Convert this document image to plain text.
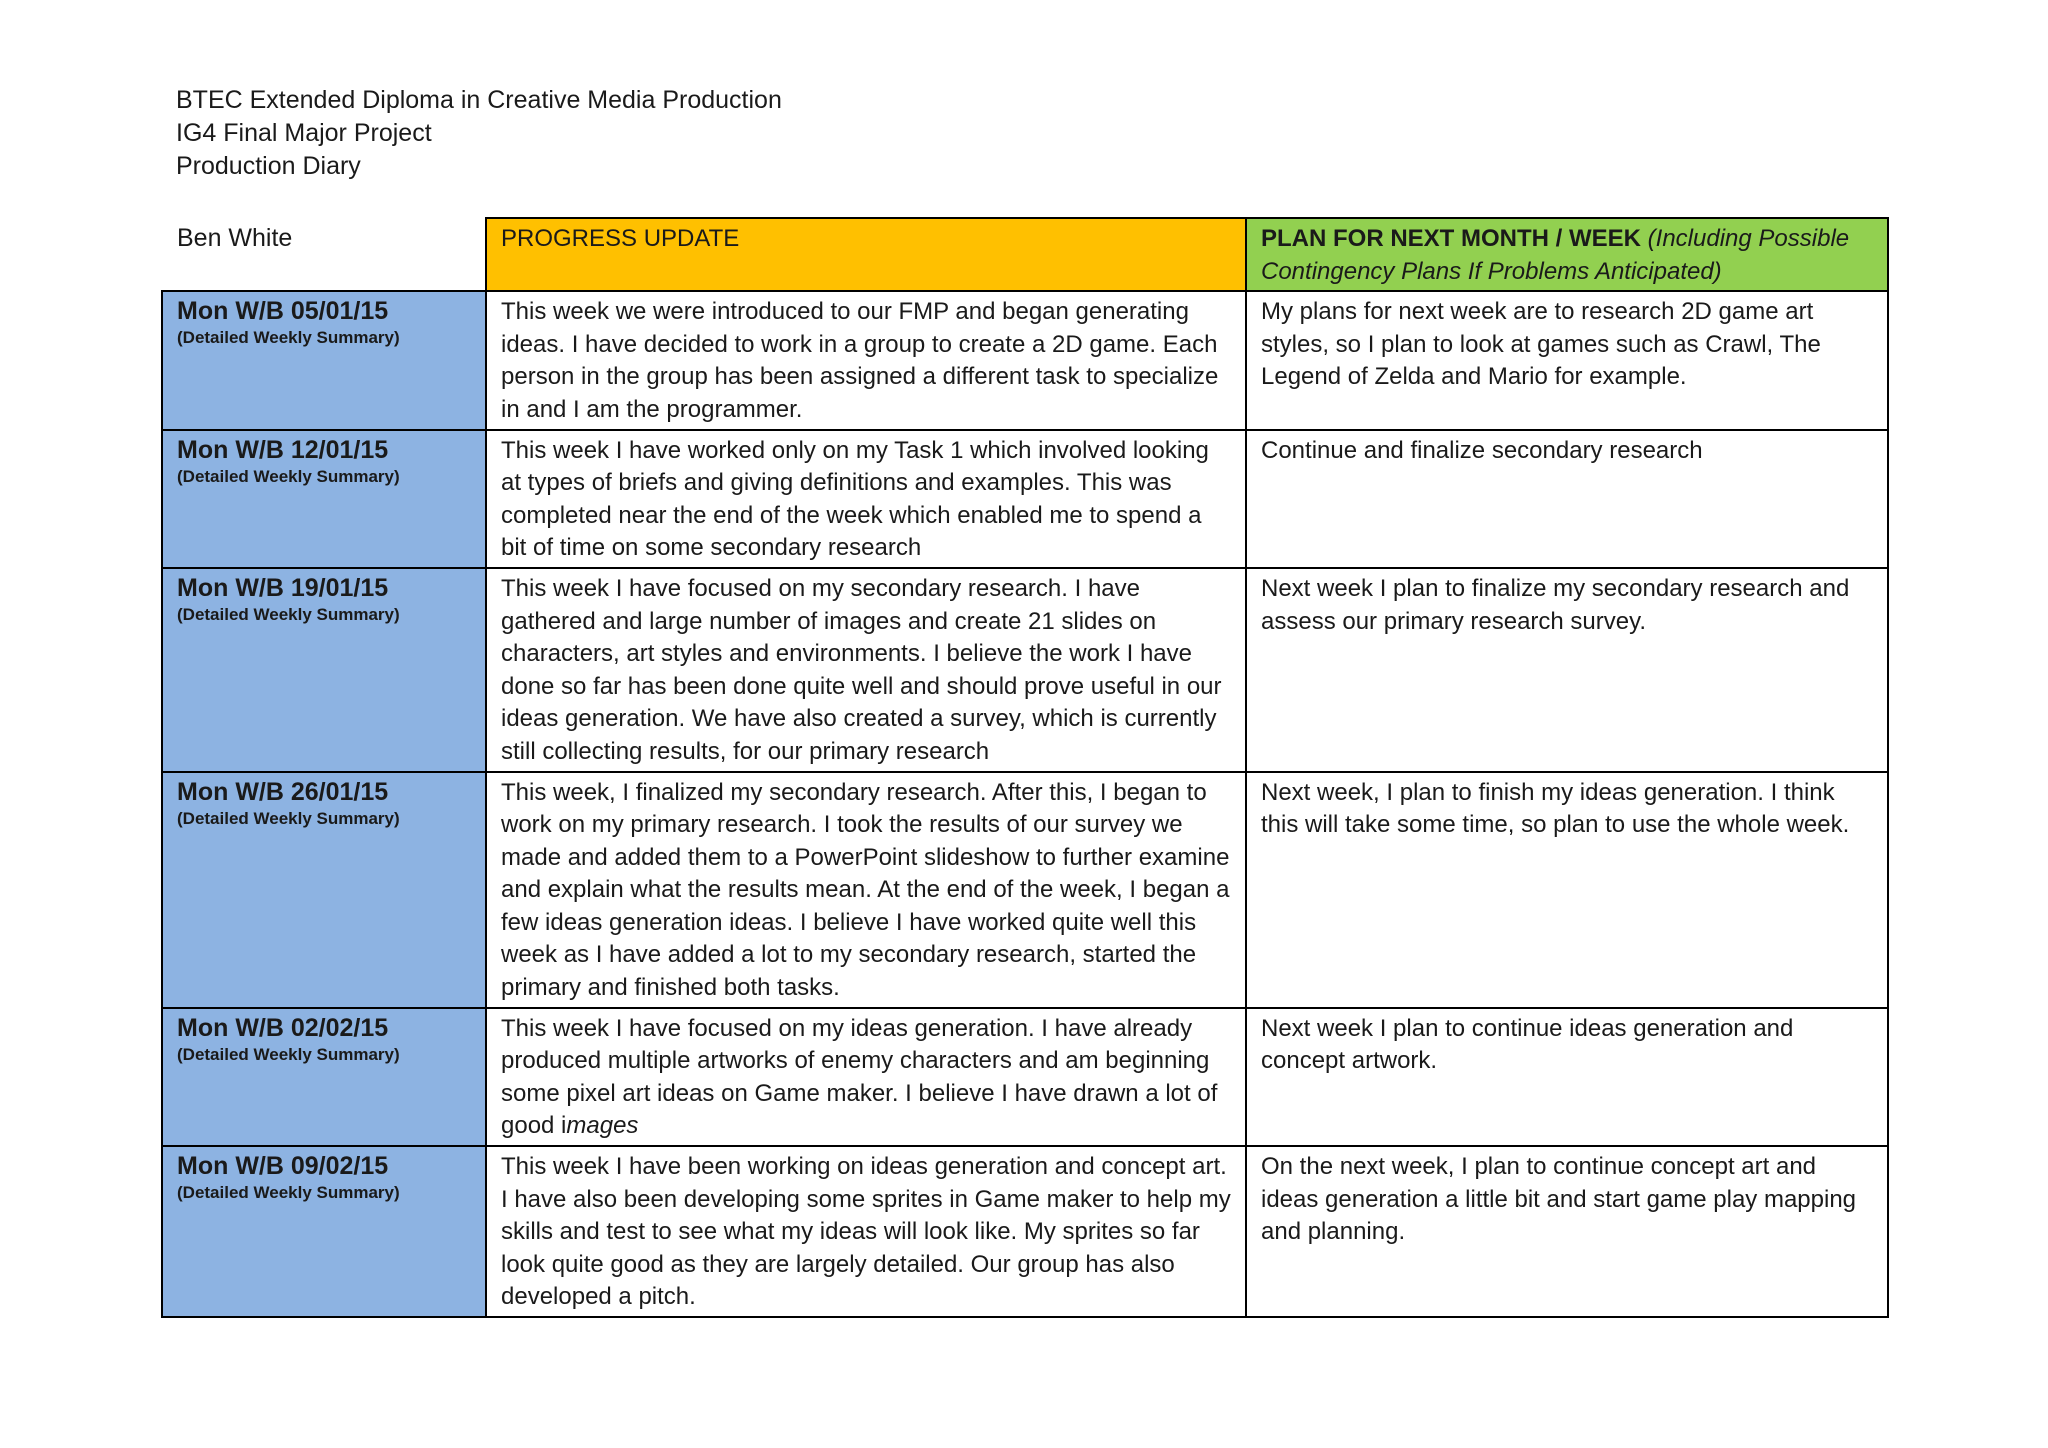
BTEC Extended Diploma in Creative Media Production
IG4 Final Major Project
Production Diary
Ben White	PROGRESS UPDATE	PLAN FOR NEXT MONTH / WEEK (Including Possible Contingency Plans If Problems Anticipated)

Mon W/B 05/01/15
(Detailed Weekly Summary)	This week we were introduced to our FMP and began generating ideas. I have decided to work in a group to create a 2D game. Each person in the group has been assigned a different task to specialize in and I am the programmer.	My plans for next week are to research 2D game art styles, so I plan to look at games such as Crawl, The Legend of Zelda and Mario for example.

Mon W/B 12/01/15
(Detailed Weekly Summary)	This week I have worked only on my Task 1 which involved looking at types of briefs and giving definitions and examples. This was completed near the end of the week which enabled me to spend a bit of time on some secondary research	Continue and finalize secondary research

Mon W/B 19/01/15
(Detailed Weekly Summary)	This week I have focused on my secondary research. I have gathered and large number of images and create 21 slides on characters, art styles and environments. I believe the work I have done so far has been done quite well and should prove useful in our ideas generation. We have also created a survey, which is currently still collecting results, for our primary research	Next week I plan to finalize my secondary research and assess our primary research survey.

Mon W/B 26/01/15
(Detailed Weekly Summary)	This week, I finalized my secondary research. After this, I began to work on my primary research. I took the results of our survey we made and added them to a PowerPoint slideshow to further examine and explain what the results mean. At the end of the week, I began a few ideas generation ideas. I believe I have worked quite well this week as I have added a lot to my secondary research, started the primary and finished both tasks.	Next week, I plan to finish my ideas generation. I think this will take some time, so plan to use the whole week.

Mon W/B 02/02/15
(Detailed Weekly Summary)	This week I have focused on my ideas generation. I have already produced multiple artworks of enemy characters and am beginning some pixel art ideas on Game maker. I believe I have drawn a lot of good images	Next week I plan to continue ideas generation and concept artwork.

Mon W/B 09/02/15
(Detailed Weekly Summary)	This week I have been working on ideas generation and concept art. I have also been developing some sprites in Game maker to help my skills and test to see what my ideas will look like. My sprites so far look quite good as they are largely detailed. Our group has also developed a pitch.	On the next week, I plan to continue concept art and ideas generation a little bit and start game play mapping and planning.
